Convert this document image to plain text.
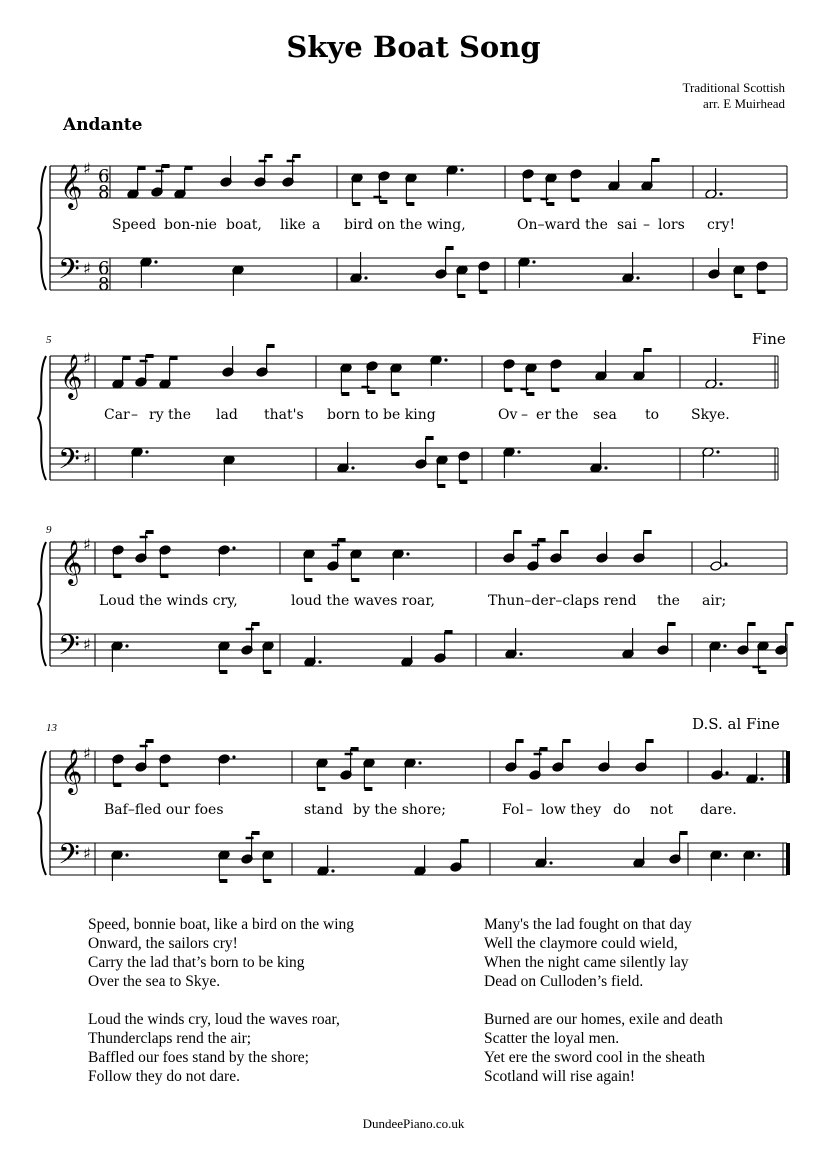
Skye Boat Song
Traditional Scottish
arr. E Muirhead
Andante
5
9
13
Fine
D.S. al Fine
Speed bon-nie boat, like a bird on the wing,	On–ward the sai – lors cry!
Car – ry the lad that's born to be king	Ov – er the sea to Skye.
Loud the winds cry,	loud the waves roar,	Thun–der–claps rend the air;
Baf–fled our foes	stand by the shore;	Fol – low they do not dare.

Speed, bonnie boat, like a bird on the wing

Onward, the sailors cry!

Carry the lad that’s born to be king

Over the sea to Skye.

Loud the winds cry, loud the waves roar,

Thunderclaps rend the air;

Baffled our foes stand by the shore;

Follow they do not dare.

Many's the lad fought on that day

Well the claymore could wield,

When the night came silently lay

Dead on Culloden’s field.

Burned are our homes, exile and death

Scatter the loyal men.

Yet ere the sword cool in the sheath

Scotland will rise again!

DundeePiano.co.uk
𝄞 ♯ 6
8
𝄢 ♯ 6
8
𝄞 ♯
𝄢 ♯
𝄞 ♯
𝄢 ♯
𝄞 ♯
𝄢 ♯
